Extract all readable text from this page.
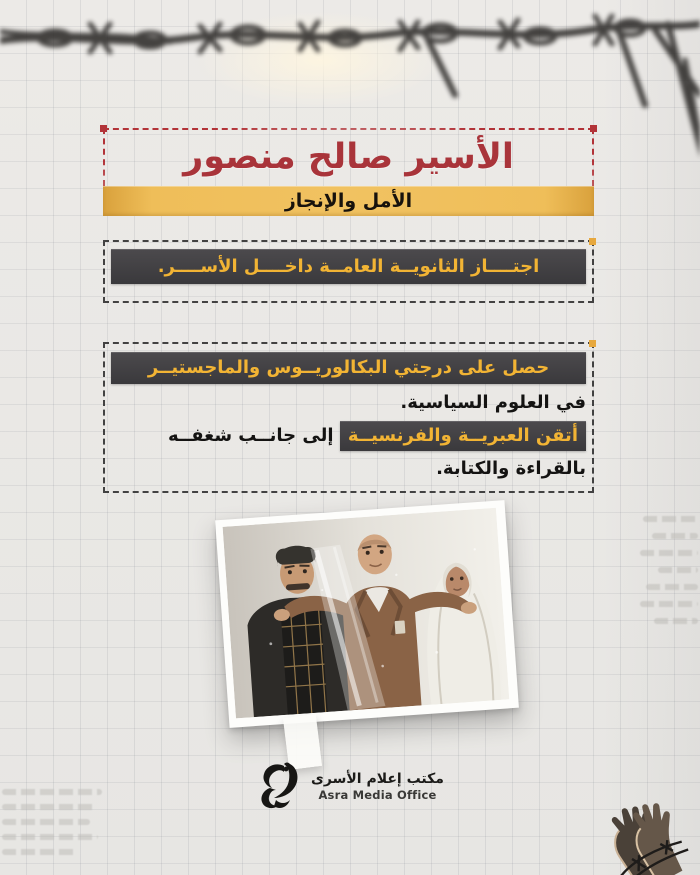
الأسير صالح منصور
الأمل والإنجاز
اجتــــاز الثانويــة العامــة داخــــل الأســــر.
حصل على درجتي البكالوريــوس والماجستيــر
في العلوم السياسية.
أتقن العبريــة والفرنسيــة إلى جانــب شغفــه
بالقراءة والكتابة.
مكتب إعلام الأسرى
Asra Media Office
